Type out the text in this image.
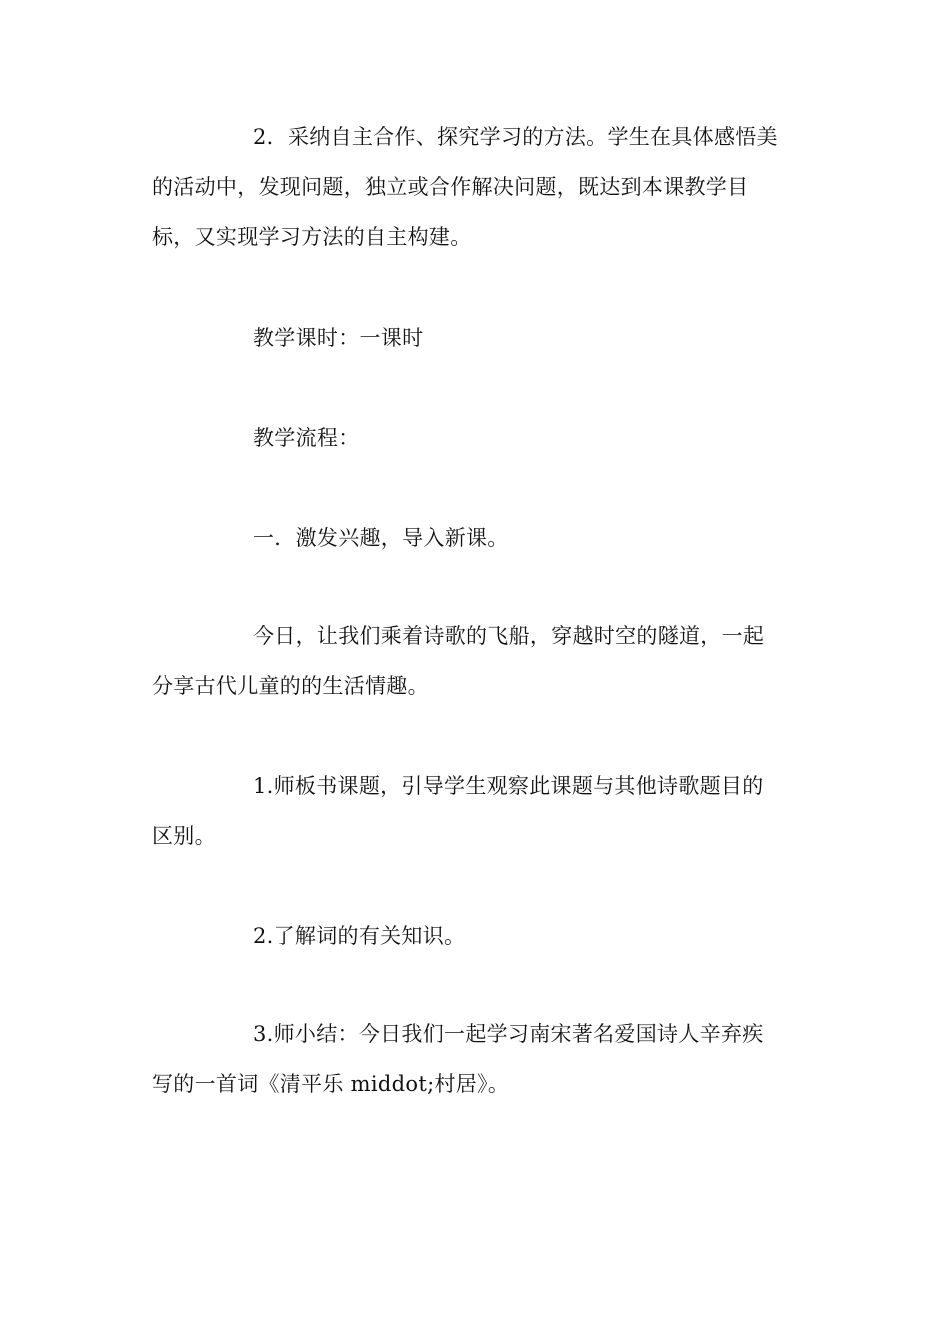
2．采纳自主合作、探究学习的方法。学生在具体感悟美
的活动中，发现问题，独立或合作解决问题，既达到本课教学目
标，又实现学习方法的自主构建。

教学课时：一课时

教学流程：

一．激发兴趣，导入新课。

今日，让我们乘着诗歌的飞船，穿越时空的隧道，一起
分享古代儿童的的生活情趣。

1.师板书课题，引导学生观察此课题与其他诗歌题目的
区别。

2.了解词的有关知识。

3.师小结：今日我们一起学习南宋著名爱国诗人辛弃疾
写的一首词《清平乐 middot;村居》。
